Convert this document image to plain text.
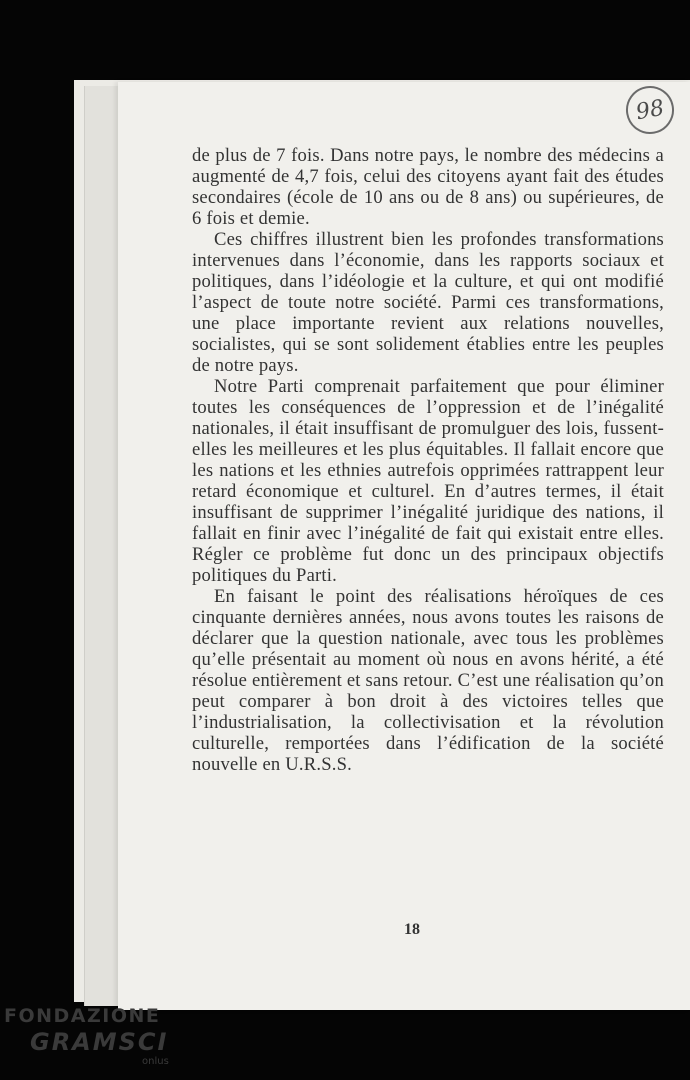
98

de plus de 7 fois. Dans notre pays, le nombre des médecins a augmenté de 4,7 fois, celui des citoyens ayant fait des études secondaires (école de 10 ans ou de 8 ans) ou supérieures, de 6 fois et demie.

Ces chiffres illustrent bien les profondes transformations intervenues dans l’économie, dans les rapports sociaux et politiques, dans l’idéologie et la culture, et qui ont modifié l’aspect de toute notre société. Parmi ces transformations, une place importante revient aux relations nouvelles, socialistes, qui se sont solidement établies entre les peuples de notre pays.

Notre Parti comprenait parfaitement que pour éliminer toutes les conséquences de l’oppression et de l’inégalité nationales, il était insuffisant de promulguer des lois, fussent-elles les meilleures et les plus équitables. Il fallait encore que les nations et les ethnies autrefois opprimées rattrappent leur retard économique et culturel. En d’autres termes, il était insuffisant de supprimer l’inégalité juridique des nations, il fallait en finir avec l’inégalité de fait qui existait entre elles. Régler ce problème fut donc un des principaux objectifs politiques du Parti.

En faisant le point des réalisations héroïques de ces cinquante dernières années, nous avons toutes les raisons de déclarer que la question nationale, avec tous les problèmes qu’elle présentait au moment où nous en avons hérité, a été résolue entièrement et sans retour. C’est une réalisation qu’on peut comparer à bon droit à des victoires telles que l’industrialisation, la collectivisation et la révolution culturelle, remportées dans l’édification de la société nouvelle en U.R.S.S.

18
FONDAZIONE
GRAMSCI
onlus
